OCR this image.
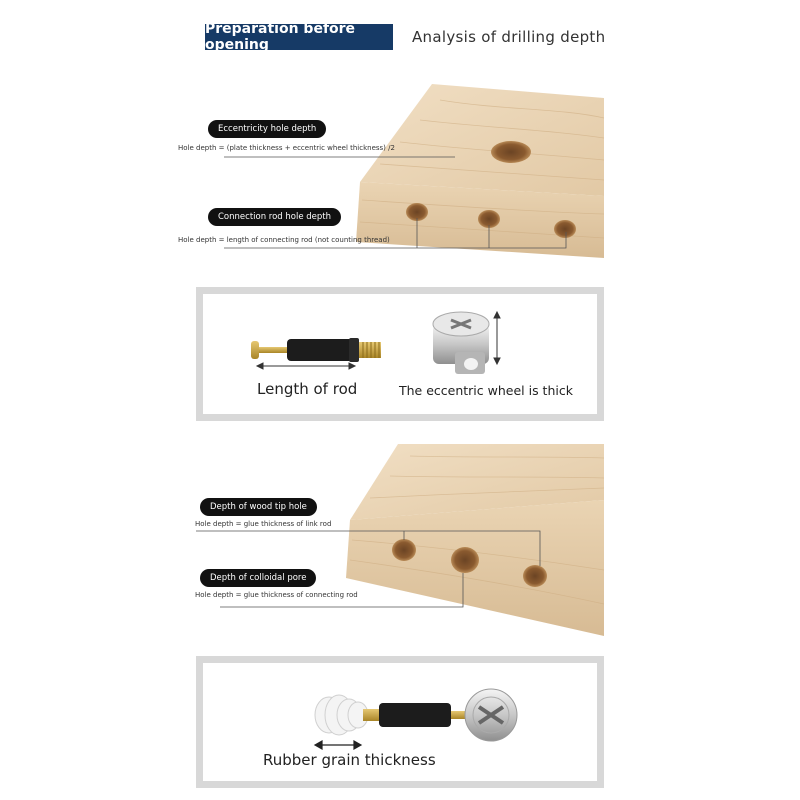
Preparation before opening	Analysis of drilling depth
Eccentricity hole depth
Hole depth = (plate thickness + eccentric wheel thickness) /2
Connection rod hole depth
Hole depth = length of connecting rod (not counting thread)
Length of rod	The eccentric wheel is thick
Depth of wood tip hole
Hole depth = glue thickness of link rod
Depth of colloidal pore
Hole depth = glue thickness of connecting rod
Rubber grain thickness
